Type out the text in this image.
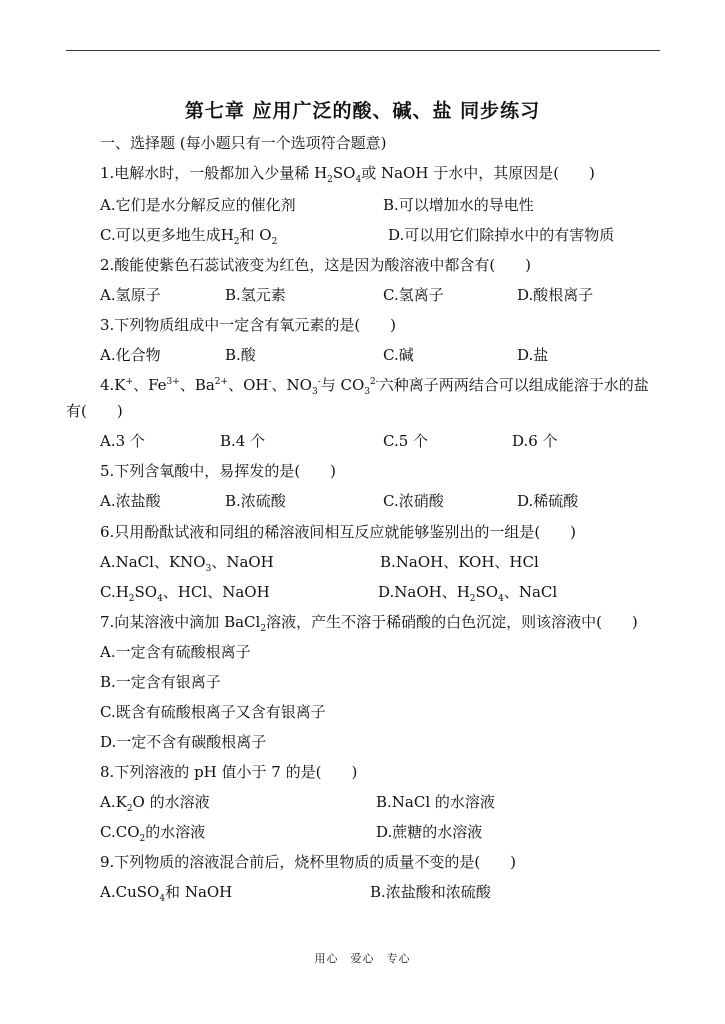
第七章 应用广泛的酸、碱、盐 同步练习
一、选择题 (每小题只有一个选项符合题意)
1.电解水时，一般都加入少量稀 $H_2SO_4$或 NaOH 于水中，其原因是(　　)
A.它们是水分解反应的催化剂	B.可以增加水的导电性
C.可以更多地生成$H_2$和 $O_2$	D.可以用它们除掉水中的有害物质
2.酸能使紫色石蕊试液变为红色，这是因为酸溶液中都含有(　　)
A.氢原子	B.氢元素	C.氢离子	D.酸根离子
3.下列物质组成中一定含有氧元素的是(　　)
A.化合物	B.酸	C.碱	D.盐
4.K+、$Fe^{3+}$、$Ba^{2+}$、OH-、$NO_3^-$与 $CO_3^{2-}$六种离子两两结合可以组成能溶于水的盐
有(　　)
A.3 个	B.4 个	C.5 个	D.6 个
5.下列含氧酸中，易挥发的是(　　)
A.浓盐酸	B.浓硫酸	C.浓硝酸	D.稀硫酸
6.只用酚酞试液和同组的稀溶液间相互反应就能够鉴别出的一组是(　　)
A.NaCl、$KNO_3$、NaOH	B.NaOH、KOH、HCl
$C.H_2SO_4$、HCl、NaOH	D.NaOH、$H_2SO_4$、NaCl
7.向某溶液中滴加 BaCl$_2$溶液，产生不溶于稀硝酸的白色沉淀，则该溶液中(　　)
A.一定含有硫酸根离子
B.一定含有银离子
C.既含有硫酸根离子又含有银离子
D.一定不含有碳酸根离子
8.下列溶液的 pH 值小于 7 的是(　　)
$A.K_2O$ 的水溶液	B.NaCl 的水溶液
$C.CO_2$的水溶液	D.蔗糖的水溶液
9.下列物质的溶液混合前后，烧杯里物质的质量不变的是(　　)
A.CuSO$_4$和 NaOH	B.浓盐酸和浓硫酸
用心　爱心　专心
